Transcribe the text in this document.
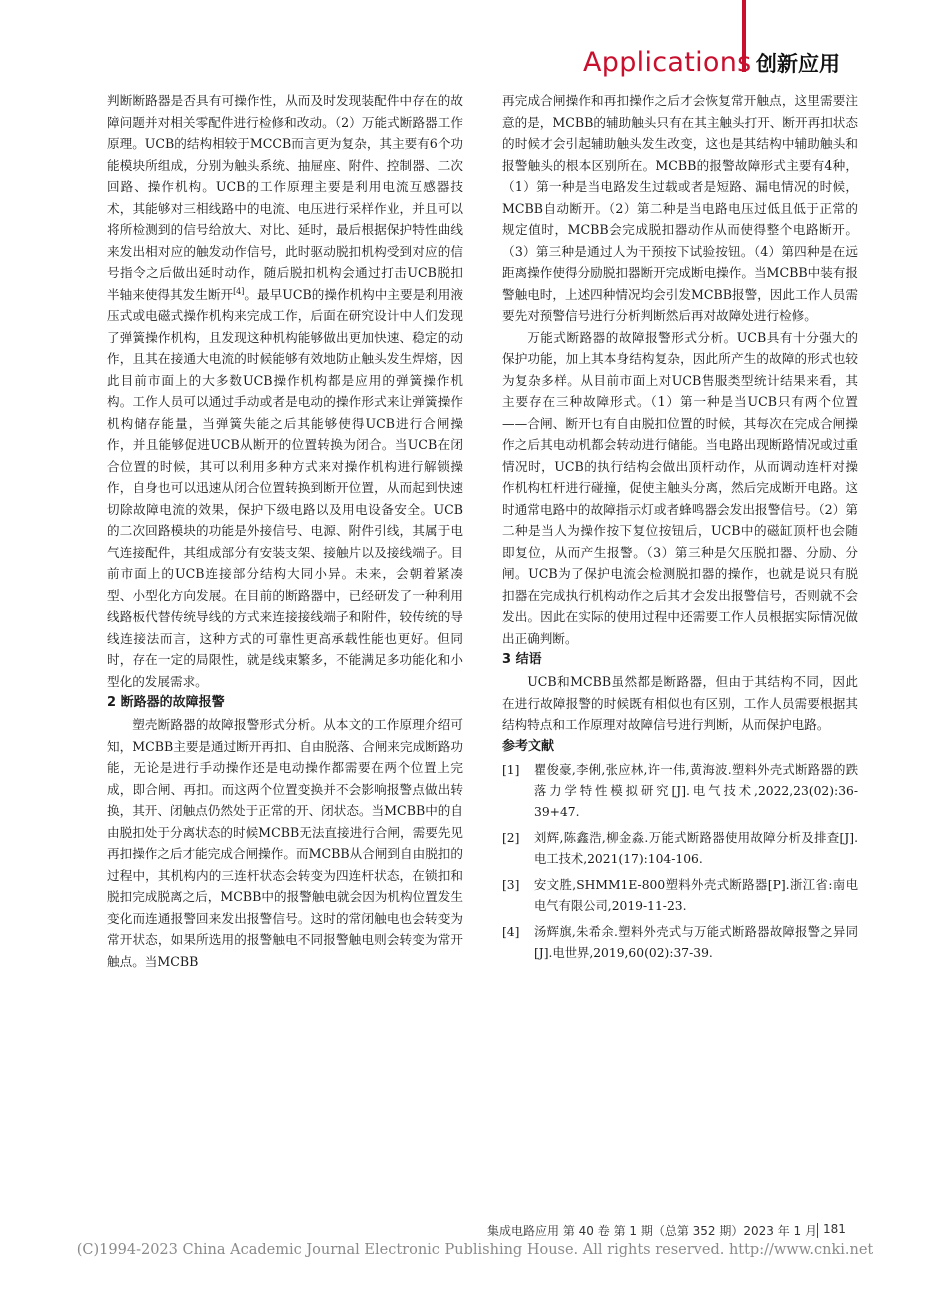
Applications 创新应用

判断断路器是否具有可操作性，从而及时发现装配件中存在的故障问题并对相关零配件进行检修和改动。（2）万能式断路器工作原理。UCB的结构相较于MCCB而言更为复杂，其主要有6个功能模块所组成，分别为触头系统、抽屉座、附件、控制器、二次回路、操作机构。UCB的工作原理主要是利用电流互感器技术，其能够对三相线路中的电流、电压进行采样作业，并且可以将所检测到的信号给放大、对比、延时，最后根据保护特性曲线来发出相对应的触发动作信号，此时驱动脱扣机构受到对应的信号指令之后做出延时动作，随后脱扣机构会通过打击UCB脱扣半轴来使得其发生断开[4]。最早UCB的操作机构中主要是利用液压式或电磁式操作机构来完成工作，后面在研究设计中人们发现了弹簧操作机构，且发现这种机构能够做出更加快速、稳定的动作，且其在接通大电流的时候能够有效地防止触头发生焊熔，因此目前市面上的大多数UCB操作机构都是应用的弹簧操作机构。工作人员可以通过手动或者是电动的操作形式来让弹簧操作机构储存能量，当弹簧失能之后其能够使得UCB进行合闸操作，并且能够促进UCB从断开的位置转换为闭合。当UCB在闭合位置的时候，其可以利用多种方式来对操作机构进行解锁操作，自身也可以迅速从闭合位置转换到断开位置，从而起到快速切除故障电流的效果，保护下级电路以及用电设备安全。UCB的二次回路模块的功能是外接信号、电源、附件引线，其属于电气连接配件，其组成部分有安装支架、接触片以及接线端子。目前市面上的UCB连接部分结构大同小异。未来，会朝着紧凑型、小型化方向发展。在目前的断路器中，已经研发了一种利用线路板代替传统导线的方式来连接接线端子和附件，较传统的导线连接法而言，这种方式的可靠性更高承载性能也更好。但同时，存在一定的局限性，就是线束繁多，不能满足多功能化和小型化的发展需求。

2 断路器的故障报警

塑壳断路器的故障报警形式分析。从本文的工作原理介绍可知，MCBB主要是通过断开再扣、自由脱落、合闸来完成断路功能，无论是进行手动操作还是电动操作都需要在两个位置上完成，即合闸、再扣。而这两个位置变换并不会影响报警点做出转换，其开、闭触点仍然处于正常的开、闭状态。当MCBB中的自由脱扣处于分离状态的时候MCBB无法直接进行合闸，需要先见再扣操作之后才能完成合闸操作。而MCBB从合闸到自由脱扣的过程中，其机构内的三连杆状态会转变为四连杆状态，在锁扣和脱扣完成脱离之后，MCBB中的报警触电就会因为机构位置发生变化而连通报警回来发出报警信号。这时的常闭触电也会转变为常开状态，如果所选用的报警触电不同报警触电则会转变为常开触点。当MCBB

再完成合闸操作和再扣操作之后才会恢复常开触点，这里需要注意的是，MCBB的辅助触头只有在其主触头打开、断开再扣状态的时候才会引起辅助触头发生改变，这也是其结构中辅助触头和报警触头的根本区别所在。MCBB的报警故障形式主要有4种，（1）第一种是当电路发生过载或者是短路、漏电情况的时候，MCBB自动断开。（2）第二种是当电路电压过低且低于正常的规定值时，MCBB会完成脱扣器动作从而使得整个电路断开。（3）第三种是通过人为干预按下试验按钮。（4）第四种是在远距离操作使得分励脱扣器断开完成断电操作。当MCBB中装有报警触电时，上述四种情况均会引发MCBB报警，因此工作人员需要先对预警信号进行分析判断然后再对故障处进行检修。

万能式断路器的故障报警形式分析。UCB具有十分强大的保护功能，加上其本身结构复杂，因此所产生的故障的形式也较为复杂多样。从目前市面上对UCB售服类型统计结果来看，其主要存在三种故障形式。（1）第一种是当UCB只有两个位置——合闸、断开乜有自由脱扣位置的时候，其每次在完成合闸操作之后其电动机都会转动进行储能。当电路出现断路情况或过重情况时，UCB的执行结构会做出顶杆动作，从而调动连杆对操作机构杠杆进行碰撞，促使主触头分离，然后完成断开电路。这时通常电路中的故障指示灯或者蜂鸣器会发出报警信号。（2）第二种是当人为操作按下复位按钮后，UCB中的磁缸顶杆也会随即复位，从而产生报警。（3）第三种是欠压脱扣器、分励、分闸。UCB为了保护电流会检测脱扣器的操作，也就是说只有脱扣器在完成执行机构动作之后其才会发出报警信号，否则就不会发出。因此在实际的使用过程中还需要工作人员根据实际情况做出正确判断。

3 结语

UCB和MCBB虽然都是断路器，但由于其结构不同，因此在进行故障报警的时候既有相似也有区别，工作人员需要根据其结构特点和工作原理对故障信号进行判断，从而保护电路。

参考文献
[1]	瞿俊豪,李俐,张应林,许一伟,黄海波.塑料外壳式断路器的跌落力学特性模拟研究[J].电气技术,2022,23(02):36-39+47.
[2]	刘辉,陈鑫浩,柳金淼.万能式断路器使用故障分析及排查[J].电工技术,2021(17):104-106.
[3]	安文胜,SHMM1E-800塑料外壳式断路器[P].浙江省:南电电气有限公司,2019-11-23.
[4]	汤辉旗,朱希余.塑料外壳式与万能式断路器故障报警之异同[J].电世界,2019,60(02):37-39.
集成电路应用 第 40 卷 第 1 期（总第 352 期）2023 年 1 月 181
(C)1994-2023 China Academic Journal Electronic Publishing House. All rights reserved. http://www.cnki.net
